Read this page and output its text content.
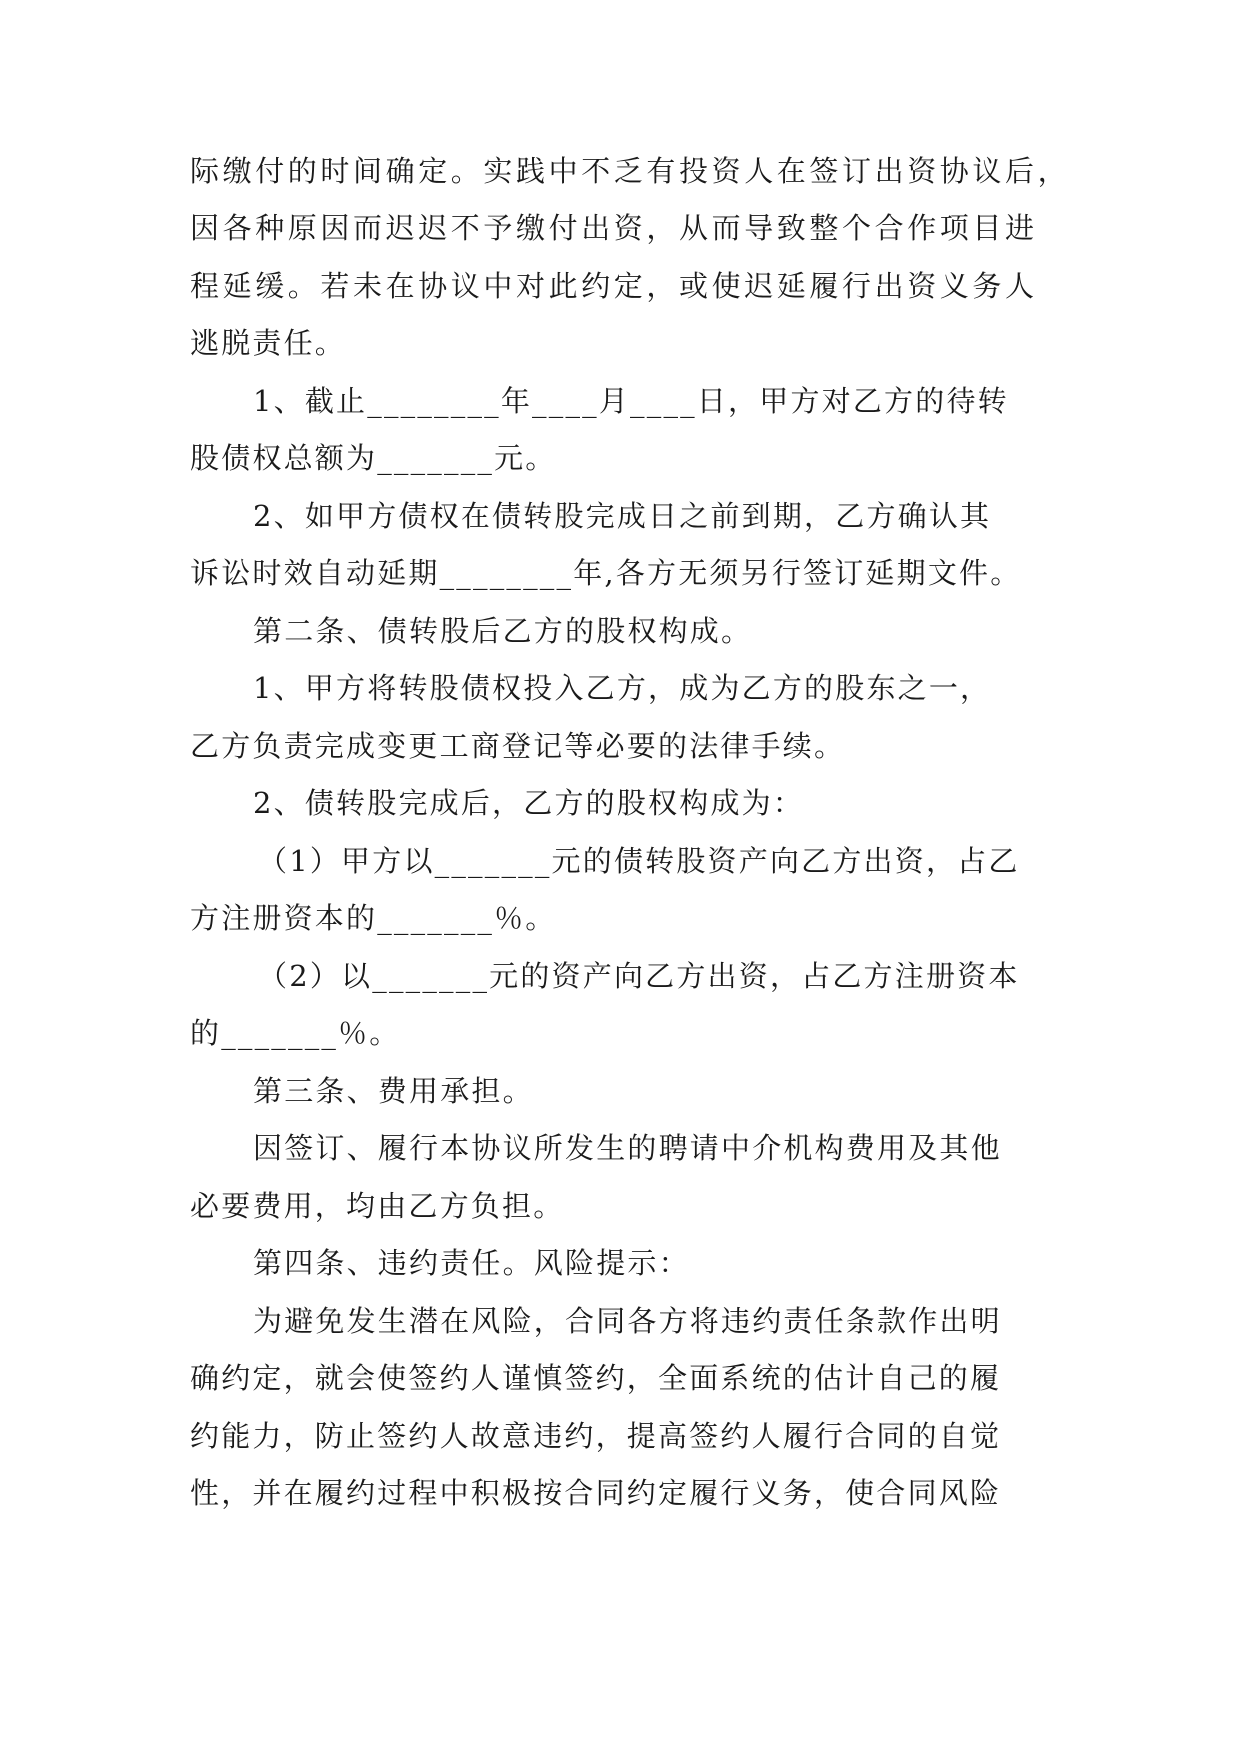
际缴付的时间确定。实践中不乏有投资人在签订出资协议后，
因各种原因而迟迟不予缴付出资，从而导致整个合作项目进
程延缓。若未在协议中对此约定，或使迟延履行出资义务人
逃脱责任。
1、截止________年____月____日，甲方对乙方的待转
股债权总额为_______元。
2、如甲方债权在债转股完成日之前到期，乙方确认其
诉讼时效自动延期________年,各方无须另行签订延期文件。
第二条、债转股后乙方的股权构成。
1、甲方将转股债权投入乙方，成为乙方的股东之一，
乙方负责完成变更工商登记等必要的法律手续。
2、债转股完成后，乙方的股权构成为：
（1）甲方以_______元的债转股资产向乙方出资，占乙
方注册资本的_______％。
（2）以_______元的资产向乙方出资，占乙方注册资本
的_______％。
第三条、费用承担。
因签订、履行本协议所发生的聘请中介机构费用及其他
必要费用，均由乙方负担。
第四条、违约责任。风险提示：
为避免发生潜在风险，合同各方将违约责任条款作出明
确约定，就会使签约人谨慎签约，全面系统的估计自己的履
约能力，防止签约人故意违约，提高签约人履行合同的自觉
性，并在履约过程中积极按合同约定履行义务，使合同风险
